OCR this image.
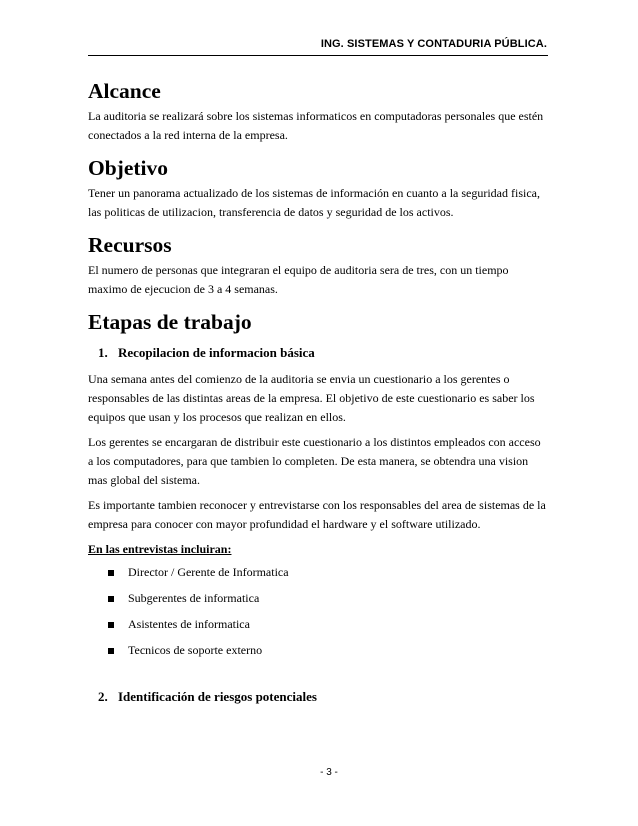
ING. SISTEMAS Y CONTADURIA PÚBLICA.
Alcance

La auditoria se realizará sobre los sistemas informaticos en computadoras personales que estén conectados a la red interna de la empresa.

Objetivo

Tener un panorama actualizado de los sistemas de información en cuanto a la seguridad fisica, las politicas de utilizacion, transferencia de datos y seguridad de los activos.

Recursos

El numero de personas que integraran el equipo de auditoria sera de tres, con un tiempo maximo de ejecucion de 3 a 4 semanas.

Etapas de trabajo
1. Recopilacion de informacion básica

Una semana antes del comienzo de la auditoria se envia un cuestionario a los gerentes o responsables de las distintas areas de la empresa. El objetivo de este cuestionario es saber los equipos que usan y los procesos que realizan en ellos.

Los gerentes se encargaran de distribuir este cuestionario a los distintos empleados con acceso a los computadores, para que tambien lo completen. De esta manera, se obtendra una vision mas global del sistema.

Es importante tambien reconocer y entrevistarse con los responsables del area de sistemas de la empresa para conocer con mayor profundidad el hardware y el software utilizado.

En las entrevistas incluiran:
Director / Gerente de Informatica
Subgerentes de informatica
Asistentes de informatica
Tecnicos de soporte externo
2. Identificación de riesgos potenciales
- 3 -
